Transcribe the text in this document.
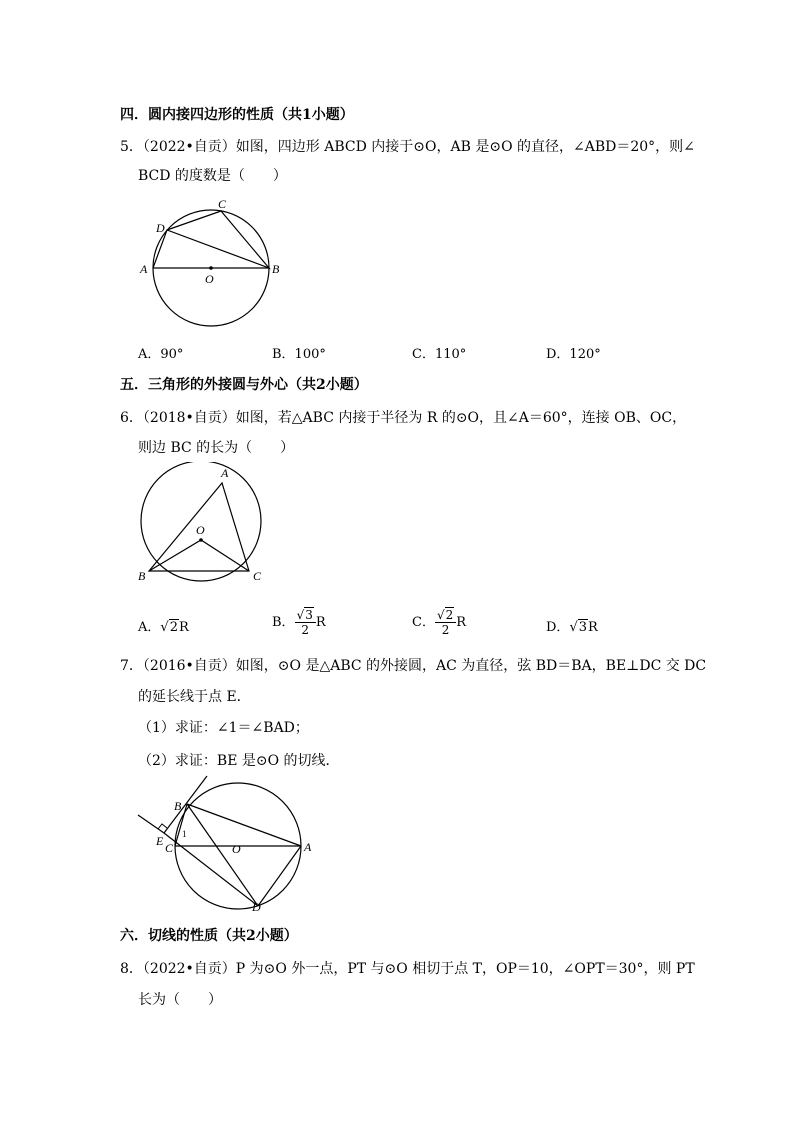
四．圆内接四边形的性质（共1小题）
5．（2022•自贡）如图，四边形 ABCD 内接于⊙O，AB 是⊙O 的直径，∠ABD＝20°，则∠
BCD 的度数是（　　）
A	B
C
D
O
A．90°	B．100°	C．110°	D．120°
五．三角形的外接圆与外心（共2小题）
6．（2018•自贡）如图，若△ABC 内接于半径为 R 的⊙O，且∠A＝60°，连接 OB、OC，
则边 BC 的长为（　　）
A
B	C
O
A．√2R	B． $\frac{√3}{2}$ R	C． $\frac{√2}{2}$ R	D．√3R
7．（2016•自贡）如图，⊙O 是△ABC 的外接圆，AC 为直径，弦 BD＝BA，BE⊥DC 交 DC
的延长线于点 E．
（1）求证：∠1＝∠BAD；
（2）求证：BE 是⊙O 的切线．
B
E C	O	A
D
1
六．切线的性质（共2小题）
8．（2022•自贡）P 为⊙O 外一点，PT 与⊙O 相切于点 T，OP＝10，∠OPT＝30°，则 PT
长为（　　）
